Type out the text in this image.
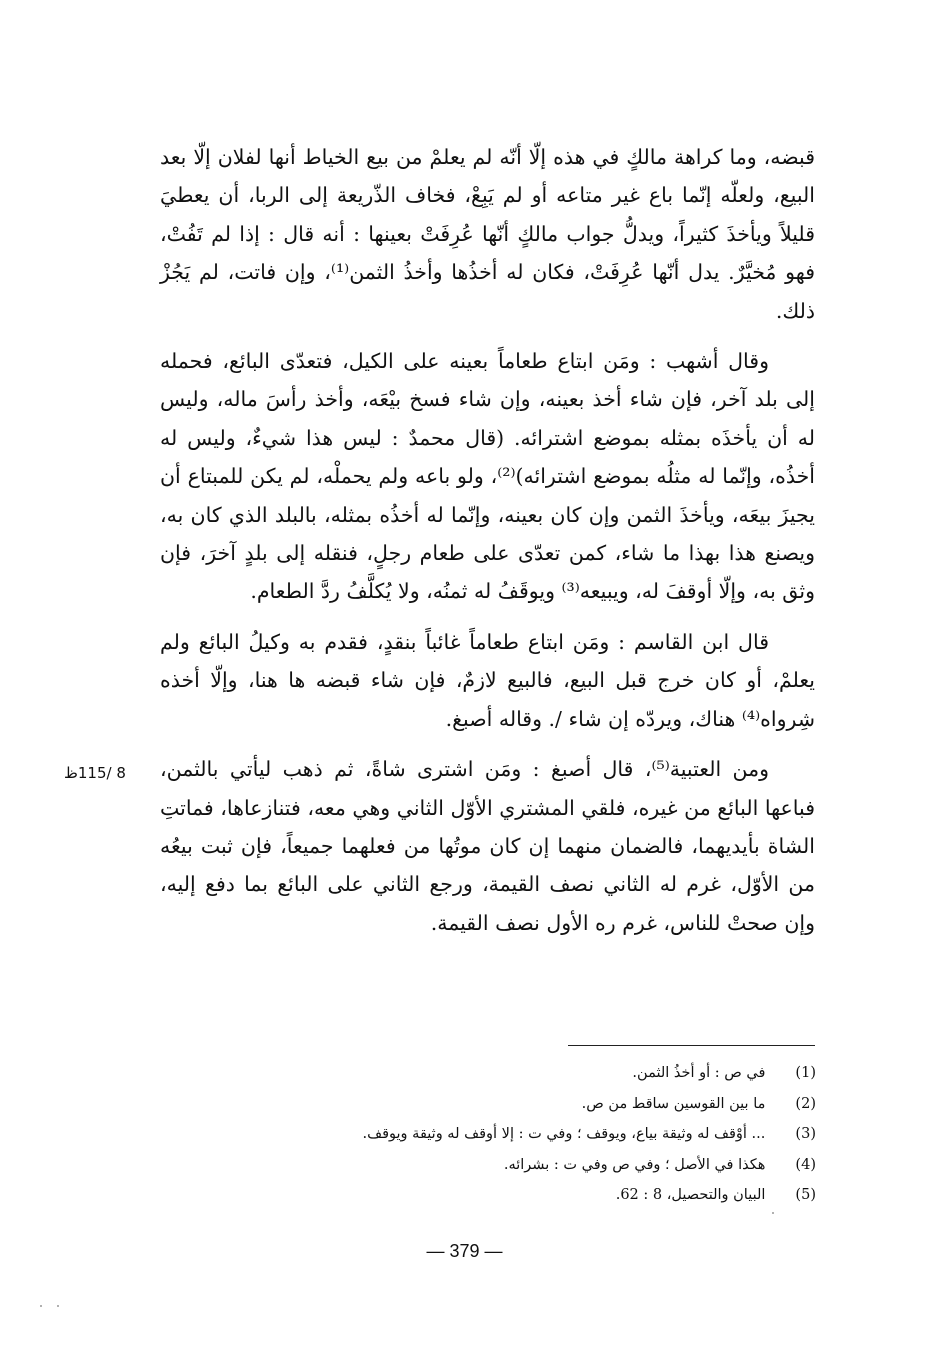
قبضه، وما كراهة مالكٍ في هذه إلّا أنّه لم يعلمْ من بيع الخياط أنها لفلان إلّا بعد البيع، ولعلّه إنّما باع غير متاعه أو لم يَبِعْ، فخاف الذّريعة إلى الربا، أن يعطيَ قليلاً ويأخذَ كثيراً، ويدلُّ جواب مالكٍ أنّها عُرِفَتْ بعينها : أنه قال : إذا لم تَفُتْ، فهو مُخيَّرٌ. يدل أنّها عُرِفَتْ، فكان له أخذُها وأخذُ الثمن⁽¹⁾، وإن فاتت، لم يَجُزْ ذلك.

وقال أشهب : ومَن ابتاع طعاماً بعينه على الكيل، فتعدّى البائع، فحمله إلى بلد آخر، فإن شاء أخذ بعينه، وإن شاء فسخ بيْعَه، وأخذ رأسَ ماله، وليس له أن يأخذَه بمثله بموضع اشترائه. (قال محمدٌ : ليس هذا شيءٌ، وليس له أخذُه، وإنّما له مثلُه بموضع اشترائه)⁽²⁾، ولو باعه ولم يحملْه، لم يكن للمبتاع أن يجيزَ بيعَه، ويأخذَ الثمن وإن كان بعينه، وإنّما له أخذُه بمثله، بالبلد الذي كان به، ويصنع هذا بهذا ما شاء، كمن تعدّى على طعام رجلٍ، فنقله إلى بلدٍ آخرَ، فإن وثق به، وإلّا أوقفَ له، ويبيعه⁽³⁾ ويوقَفُ له ثمنُه، ولا يُكلَّفُ ردَّ الطعام.

قال ابن القاسم : ومَن ابتاع طعاماً غائباً بنقدٍ، فقدم به وكيلُ البائع ولم يعلمْ، أو كان خرج قبل البيع، فالبيع لازمٌ، فإن شاء قبضه ها هنا، وإلّا أخذه شِرواه⁽⁴⁾ هناك، ويردّه إن شاء /. وقاله أصبغ.

ومن العتبية⁽⁵⁾، قال أصبغ : ومَن اشترى شاةً، ثم ذهب ليأتي بالثمن، فباعها البائع من غيره، فلقي المشتري الأوّل الثاني وهي معه، فتنازعاها، فماتتِ الشاة بأيديهما، فالضمان منهما إن كان موتُها من فعلهما جميعاً، فإن ثبت بيعُه من الأوّل، غرم له الثاني نصف القيمة، ورجع الثاني على البائع بما دفع إليه، وإن صحتْ للناس، غرم ره الأول نصف القيمة.

8 /115ظ
(1) في ص : أو أخذُ الثمن.
(2) ما بين القوسين ساقط من ص.
(3) ... أوْقف له وثيقة بياع، ويوقف ؛ وفي ت : إلا أوقف له وثيقة ويوقف.
(4) هكذا في الأصل ؛ وفي ص وفي ت : بشرائه.
(5) البيان والتحصيل، 8 : 62.
— 379 —
